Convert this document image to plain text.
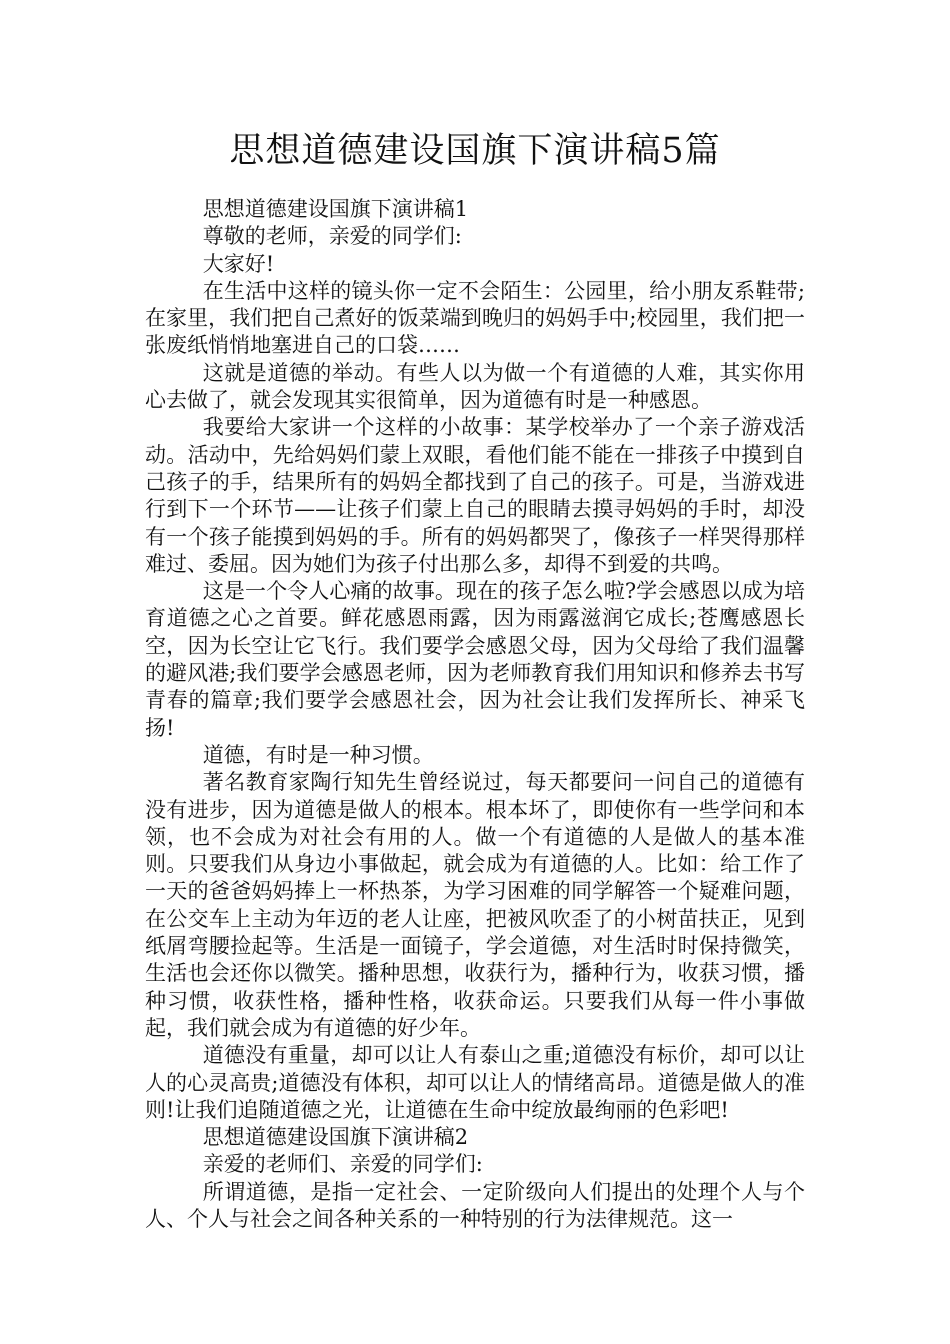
思想道德建设国旗下演讲稿5篇

思想道德建设国旗下演讲稿1

尊敬的老师，亲爱的同学们:

大家好!

在生活中这样的镜头你一定不会陌生：公园里，给小朋友系鞋带;在家里，我们把自己煮好的饭菜端到晚归的妈妈手中;校园里，我们把一张废纸悄悄地塞进自己的口袋……

这就是道德的举动。有些人以为做一个有道德的人难，其实你用心去做了，就会发现其实很简单，因为道德有时是一种感恩。

我要给大家讲一个这样的小故事：某学校举办了一个亲子游戏活动。活动中，先给妈妈们蒙上双眼，看他们能不能在一排孩子中摸到自己孩子的手，结果所有的妈妈全都找到了自己的孩子。可是，当游戏进行到下一个环节——让孩子们蒙上自己的眼睛去摸寻妈妈的手时，却没有一个孩子能摸到妈妈的手。所有的妈妈都哭了，像孩子一样哭得那样难过、委屈。因为她们为孩子付出那么多，却得不到爱的共鸣。

这是一个令人心痛的故事。现在的孩子怎么啦?学会感恩以成为培育道德之心之首要。鲜花感恩雨露，因为雨露滋润它成长;苍鹰感恩长空，因为长空让它飞行。我们要学会感恩父母，因为父母给了我们温馨的避风港;我们要学会感恩老师，因为老师教育我们用知识和修养去书写青春的篇章;我们要学会感恩社会，因为社会让我们发挥所长、神采飞扬!

道德，有时是一种习惯。

著名教育家陶行知先生曾经说过，每天都要问一问自己的道德有没有进步，因为道德是做人的根本。根本坏了，即使你有一些学问和本领，也不会成为对社会有用的人。做一个有道德的人是做人的基本准则。只要我们从身边小事做起，就会成为有道德的人。比如：给工作了一天的爸爸妈妈捧上一杯热茶，为学习困难的同学解答一个疑难问题，在公交车上主动为年迈的老人让座，把被风吹歪了的小树苗扶正，见到纸屑弯腰捡起等。生活是一面镜子，学会道德，对生活时时保持微笑，生活也会还你以微笑。播种思想，收获行为，播种行为，收获习惯，播种习惯，收获性格，播种性格，收获命运。只要我们从每一件小事做起，我们就会成为有道德的好少年。

道德没有重量，却可以让人有泰山之重;道德没有标价，却可以让人的心灵高贵;道德没有体积，却可以让人的情绪高昂。道德是做人的准则!让我们追随道德之光，让道德在生命中绽放最绚丽的色彩吧!

思想道德建设国旗下演讲稿2

亲爱的老师们、亲爱的同学们:

所谓道德，是指一定社会、一定阶级向人们提出的处理个人与个人、个人与社会之间各种关系的一种特别的行为法律规范。这一
